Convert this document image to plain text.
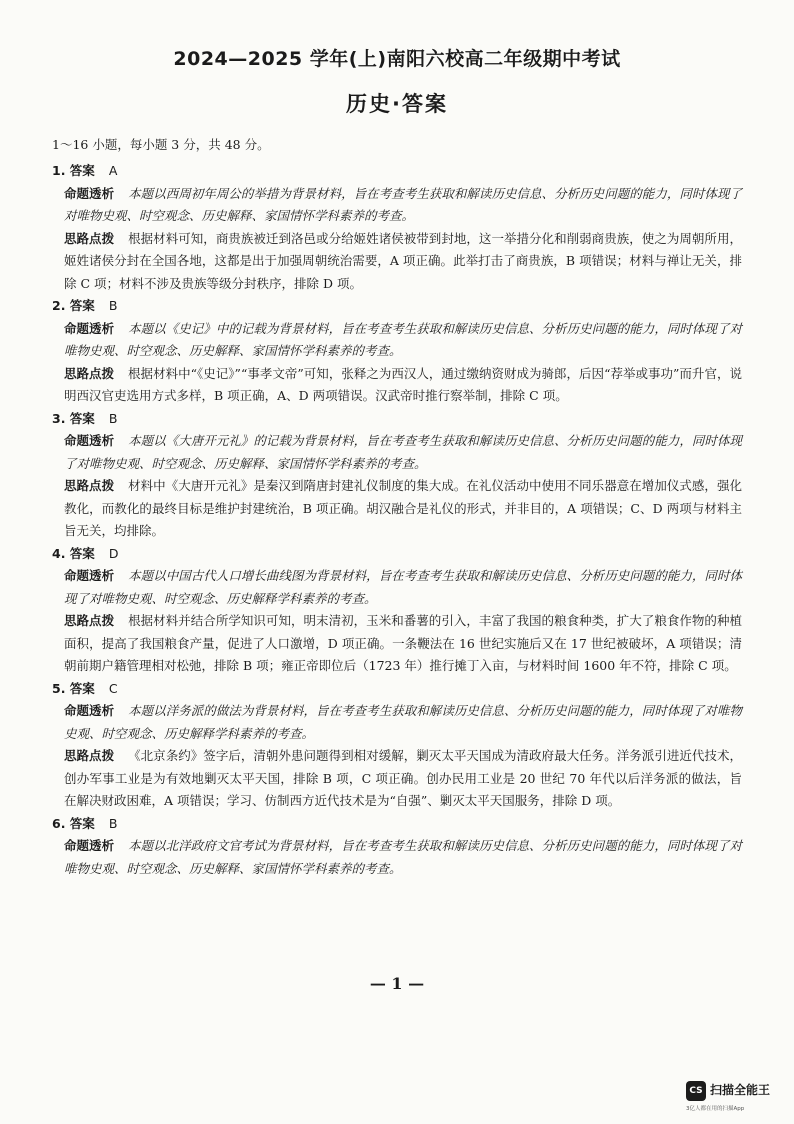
2024—2025 学年(上)南阳六校高二年级期中考试
历史·答案
1～16 小题，每小题 3 分，共 48 分。
1. 答案 A

命题透析 本题以西周初年周公的举措为背景材料，旨在考查考生获取和解读历史信息、分析历史问题的能力，同时体现了对唯物史观、时空观念、历史解释、家国情怀学科素养的考查。

思路点拨 根据材料可知，商贵族被迁到洛邑或分给姬姓诸侯被带到封地，这一举措分化和削弱商贵族，使之为周朝所用，姬姓诸侯分封在全国各地，这都是出于加强周朝统治需要，A 项正确。此举打击了商贵族，B 项错误；材料与禅让无关，排除 C 项；材料不涉及贵族等级分封秩序，排除 D 项。

2. 答案 B

命题透析 本题以《史记》中的记载为背景材料，旨在考查考生获取和解读历史信息、分析历史问题的能力，同时体现了对唯物史观、时空观念、历史解释、家国情怀学科素养的考查。

思路点拨 根据材料中“《史记》”“事孝文帝”可知，张释之为西汉人，通过缴纳资财成为骑郎，后因“荐举或事功”而升官，说明西汉官吏选用方式多样，B 项正确，A、D 两项错误。汉武帝时推行察举制，排除 C 项。

3. 答案 B

命题透析 本题以《大唐开元礼》的记载为背景材料，旨在考查考生获取和解读历史信息、分析历史问题的能力，同时体现了对唯物史观、时空观念、历史解释、家国情怀学科素养的考查。

思路点拨 材料中《大唐开元礼》是秦汉到隋唐封建礼仪制度的集大成。在礼仪活动中使用不同乐器意在增加仪式感，强化教化，而教化的最终目标是维护封建统治，B 项正确。胡汉融合是礼仪的形式，并非目的，A 项错误；C、D 两项与材料主旨无关，均排除。

4. 答案 D

命题透析 本题以中国古代人口增长曲线图为背景材料，旨在考查考生获取和解读历史信息、分析历史问题的能力，同时体现了对唯物史观、时空观念、历史解释学科素养的考查。

思路点拨 根据材料并结合所学知识可知，明末清初，玉米和番薯的引入，丰富了我国的粮食种类，扩大了粮食作物的种植面积，提高了我国粮食产量，促进了人口激增，D 项正确。一条鞭法在 16 世纪实施后又在 17 世纪被破坏，A 项错误；清朝前期户籍管理相对松弛，排除 B 项；雍正帝即位后（1723 年）推行摊丁入亩，与材料时间 1600 年不符，排除 C 项。

5. 答案 C

命题透析 本题以洋务派的做法为背景材料，旨在考查考生获取和解读历史信息、分析历史问题的能力，同时体现了对唯物史观、时空观念、历史解释学科素养的考查。

思路点拨 《北京条约》签字后，清朝外患问题得到相对缓解，剿灭太平天国成为清政府最大任务。洋务派引进近代技术，创办军事工业是为有效地剿灭太平天国，排除 B 项，C 项正确。创办民用工业是 20 世纪 70 年代以后洋务派的做法，旨在解决财政困难，A 项错误；学习、仿制西方近代技术是为“自强”、剿灭太平天国服务，排除 D 项。

6. 答案 B

命题透析 本题以北洋政府文官考试为背景材料，旨在考查考生获取和解读历史信息、分析历史问题的能力，同时体现了对唯物史观、时空观念、历史解释、家国情怀学科素养的考查。

— 1 —
CS 扫描全能王
3亿人都在用的扫描App
